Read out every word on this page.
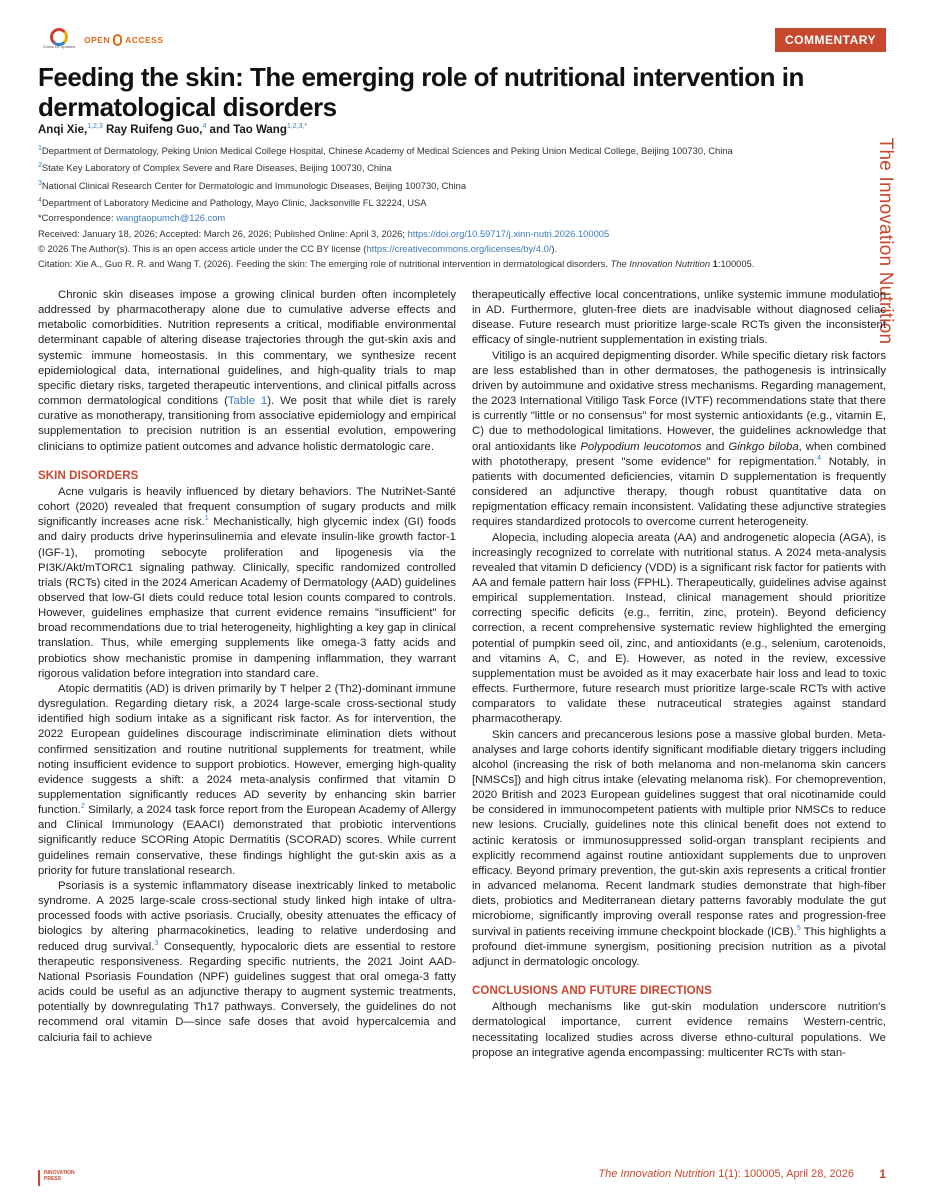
Check for updates
OPEN ACCESS	COMMENTARY
The Innovation Nutrition
Feeding the skin: The emerging role of nutritional intervention in dermatological disorders
Anqi Xie,$^{1,2,3}$ Ray Ruifeng Guo,$^4$ and Tao Wang$^{1,2,3,*}$
$^1$Department of Dermatology, Peking Union Medical College Hospital, Chinese Academy of Medical Sciences and Peking Union Medical College, Beijing 100730, China
$^2$State Key Laboratory of Complex Severe and Rare Diseases, Beijing 100730, China
$^3$National Clinical Research Center for Dermatologic and Immunologic Diseases, Beijing 100730, China
$^4$Department of Laboratory Medicine and Pathology, Mayo Clinic, Jacksonville FL 32224, USA
*Correspondence: wangtaopumch@126.com
Received: January 18, 2026; Accepted: March 26, 2026; Published Online: April 3, 2026; https://doi.org/10.59717/j.xinn-nutri.2026.100005
© 2026 The Author(s). This is an open access article under the CC BY license (https://creativecommons.org/licenses/by/4.0/).
Citation: Xie A., Guo R. R. and Wang T. (2026). Feeding the skin: The emerging role of nutritional intervention in dermatological disorders. The Innovation Nutrition 1:100005.

Chronic skin diseases impose a growing clinical burden often incompletely addressed by pharmacotherapy alone due to cumulative adverse effects and metabolic comorbidities. Nutrition represents a critical, modifiable environmental determinant capable of altering disease trajectories through the gut-skin axis and systemic immune homeostasis. In this commentary, we synthesize recent epidemiological data, international guidelines, and high-quality trials to map specific dietary risks, targeted therapeutic interventions, and clinical pitfalls across common dermatological conditions (Table 1). We posit that while diet is rarely curative as monotherapy, transitioning from associative epidemiology and empirical supplementation to precision nutrition is an essential evolution, empowering clinicians to optimize patient outcomes and advance holistic dermatologic care.

SKIN DISORDERS

Acne vulgaris is heavily influenced by dietary behaviors. The NutriNet-Santé cohort (2020) revealed that frequent consumption of sugary products and milk significantly increases acne risk.$^1$ Mechanistically, high glycemic index (GI) foods and dairy products drive hyperinsulinemia and elevate insulin-like growth factor-1 (IGF-1), promoting sebocyte proliferation and lipogenesis via the PI3K/Akt/mTORC1 signaling pathway. Clinically, specific randomized controlled trials (RCTs) cited in the 2024 American Academy of Dermatology (AAD) guidelines observed that low-GI diets could reduce total lesion counts compared to controls. However, guidelines emphasize that current evidence remains "insufficient" for broad recommendations due to trial heterogeneity, highlighting a key gap in clinical translation. Thus, while emerging supplements like omega-3 fatty acids and probiotics show mechanistic promise in dampening inflammation, they warrant rigorous validation before integration into standard care.

Atopic dermatitis (AD) is driven primarily by T helper 2 (Th2)-dominant immune dysregulation. Regarding dietary risk, a 2024 large-scale cross-sectional study identified high sodium intake as a significant risk factor. As for intervention, the 2022 European guidelines discourage indiscriminate elimination diets without confirmed sensitization and routine nutritional supplements for treatment, while noting insufficient evidence to support probiotics. However, emerging high-quality evidence suggests a shift: a 2024 meta-analysis confirmed that vitamin D supplementation significantly reduces AD severity by enhancing skin barrier function.$^2$ Similarly, a 2024 task force report from the European Academy of Allergy and Clinical Immunology (EAACI) demonstrated that probiotic interventions significantly reduce SCORing Atopic Dermatitis (SCORAD) scores. While current guidelines remain conservative, these findings highlight the gut-skin axis as a priority for future translational research.

Psoriasis is a systemic inflammatory disease inextricably linked to metabolic syndrome. A 2025 large-scale cross-sectional study linked high intake of ultra-processed foods with active psoriasis. Crucially, obesity attenuates the efficacy of biologics by altering pharmacokinetics, leading to relative underdosing and reduced drug survival.$^3$ Consequently, hypocaloric diets are essential to restore therapeutic responsiveness. Regarding specific nutrients, the 2021 Joint AAD-National Psoriasis Foundation (NPF) guidelines suggest that oral omega-3 fatty acids could be useful as an adjunctive therapy to augment systemic treatments, potentially by downregulating Th17 pathways. Conversely, the guidelines do not recommend oral vitamin D—since safe doses that avoid hypercalcemia and calciuria fail to achieve

therapeutically effective local concentrations, unlike systemic immune modulation in AD. Furthermore, gluten-free diets are inadvisable without diagnosed celiac disease. Future research must prioritize large-scale RCTs given the inconsistent efficacy of single-nutrient supplementation in existing trials.

Vitiligo is an acquired depigmenting disorder. While specific dietary risk factors are less established than in other dermatoses, the pathogenesis is intrinsically driven by autoimmune and oxidative stress mechanisms. Regarding management, the 2023 International Vitiligo Task Force (IVTF) recommendations state that there is currently "little or no consensus" for most systemic antioxidants (e.g., vitamin E, C) due to methodological limitations. However, the guidelines acknowledge that oral antioxidants like Polypodium leucotomos and Ginkgo biloba, when combined with phototherapy, present "some evidence" for repigmentation.$^4$ Notably, in patients with documented deficiencies, vitamin D supplementation is frequently considered an adjunctive therapy, though robust quantitative data on repigmentation efficacy remain inconsistent. Validating these adjunctive strategies requires standardized protocols to overcome current heterogeneity.

Alopecia, including alopecia areata (AA) and androgenetic alopecia (AGA), is increasingly recognized to correlate with nutritional status. A 2024 meta-analysis revealed that vitamin D deficiency (VDD) is a significant risk factor for patients with AA and female pattern hair loss (FPHL). Therapeutically, guidelines advise against empirical supplementation. Instead, clinical management should prioritize correcting specific deficits (e.g., ferritin, zinc, protein). Beyond deficiency correction, a recent comprehensive systematic review highlighted the emerging potential of pumpkin seed oil, zinc, and antioxidants (e.g., selenium, carotenoids, and vitamins A, C, and E). However, as noted in the review, excessive supplementation must be avoided as it may exacerbate hair loss and lead to toxic effects. Furthermore, future research must prioritize large-scale RCTs with active comparators to validate these nutraceutical strategies against standard pharmacotherapy.

Skin cancers and precancerous lesions pose a massive global burden. Meta-analyses and large cohorts identify significant modifiable dietary triggers including alcohol (increasing the risk of both melanoma and non-melanoma skin cancers [NMSCs]) and high citrus intake (elevating melanoma risk). For chemoprevention, 2020 British and 2023 European guidelines suggest that oral nicotinamide could be considered in immunocompetent patients with multiple prior NMSCs to reduce new lesions. Crucially, guidelines note this clinical benefit does not extend to actinic keratosis or immunosuppressed solid-organ transplant recipients and explicitly recommend against routine antioxidant supplements due to unproven efficacy. Beyond primary prevention, the gut-skin axis represents a critical frontier in advanced melanoma. Recent landmark studies demonstrate that high-fiber diets, probiotics and Mediterranean dietary patterns favorably modulate the gut microbiome, significantly improving overall response rates and progression-free survival in patients receiving immune checkpoint blockade (ICB).$^5$ This highlights a profound diet-immune synergism, positioning precision nutrition as a pivotal adjunct in dermatologic oncology.

CONCLUSIONS AND FUTURE DIRECTIONS

Although mechanisms like gut-skin modulation underscore nutrition's dermatological importance, current evidence remains Western-centric, necessitating localized studies across diverse ethno-cultural populations. We propose an integrative agenda encompassing: multicenter RCTs with stan-

INNOVATION
PRESS	The Innovation Nutrition 1(1): 100005, April 28, 2026 1
